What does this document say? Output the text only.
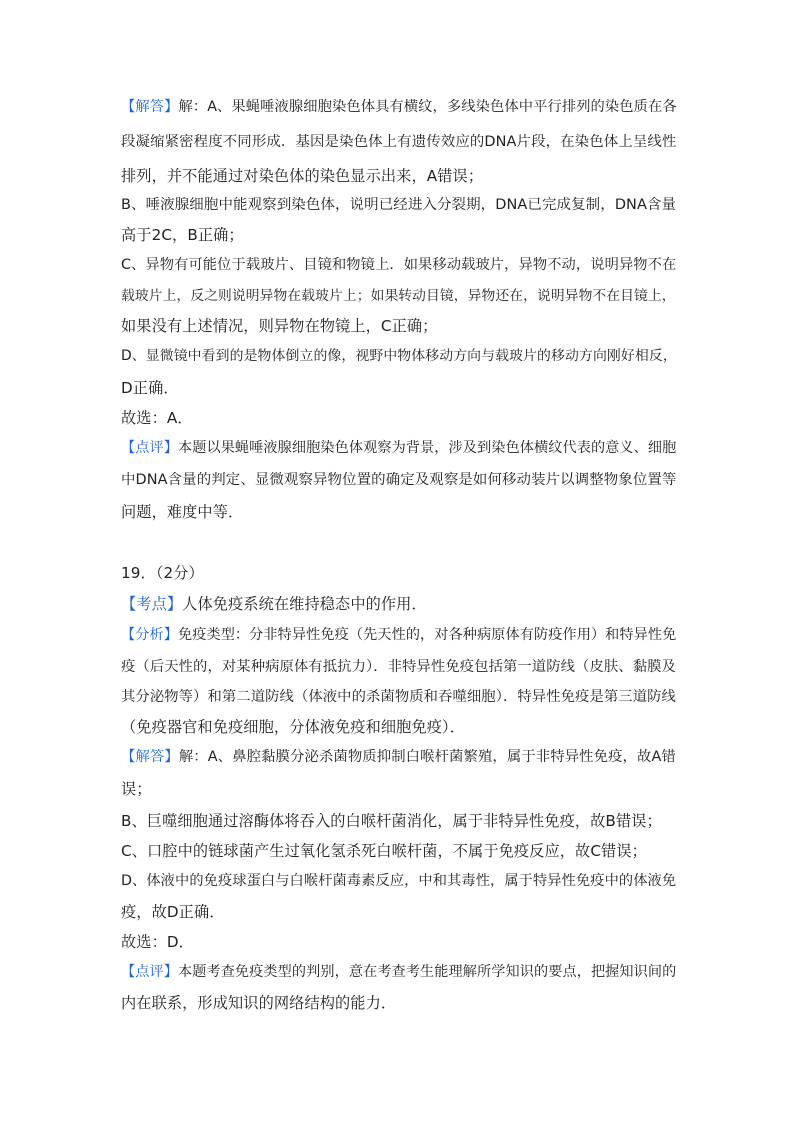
【解答】解：A、果蝇唾液腺细胞染色体具有横纹，多线染色体中平行排列的染色质在各
段凝缩紧密程度不同形成．基因是染色体上有遗传效应的DNA片段，在染色体上呈线性
排列，并不能通过对染色体的染色显示出来，A错误；
B、唾液腺细胞中能观察到染色体，说明已经进入分裂期，DNA已完成复制，DNA含量
高于2C，B正确；
C、异物有可能位于载玻片、目镜和物镜上．如果移动载玻片，异物不动，说明异物不在
载玻片上，反之则说明异物在载玻片上；如果转动目镜，异物还在，说明异物不在目镜上，
如果没有上述情况，则异物在物镜上，C正确；
D、显微镜中看到的是物体倒立的像，视野中物体移动方向与载玻片的移动方向刚好相反，
D正确．
故选：A．
【点评】本题以果蝇唾液腺细胞染色体观察为背景，涉及到染色体横纹代表的意义、细胞
中DNA含量的判定、显微观察异物位置的确定及观察是如何移动装片以调整物象位置等
问题，难度中等．
19．（2分）
【考点】人体免疫系统在维持稳态中的作用．
【分析】免疫类型：分非特异性免疫（先天性的，对各种病原体有防疫作用）和特异性免
疫（后天性的，对某种病原体有抵抗力）．非特异性免疫包括第一道防线（皮肤、黏膜及
其分泌物等）和第二道防线（体液中的杀菌物质和吞噬细胞）．特异性免疫是第三道防线
（免疫器官和免疫细胞，分体液免疫和细胞免疫）．
【解答】解：A、鼻腔黏膜分泌杀菌物质抑制白喉杆菌繁殖，属于非特异性免疫，故A错
误；
B、巨噬细胞通过溶酶体将吞入的白喉杆菌消化，属于非特异性免疫，故B错误；
C、口腔中的链球菌产生过氧化氢杀死白喉杆菌，不属于免疫反应，故C错误；
D、体液中的免疫球蛋白与白喉杆菌毒素反应，中和其毒性，属于特异性免疫中的体液免
疫，故D正确．
故选：D．
【点评】本题考查免疫类型的判别，意在考查考生能理解所学知识的要点，把握知识间的
内在联系，形成知识的网络结构的能力．
